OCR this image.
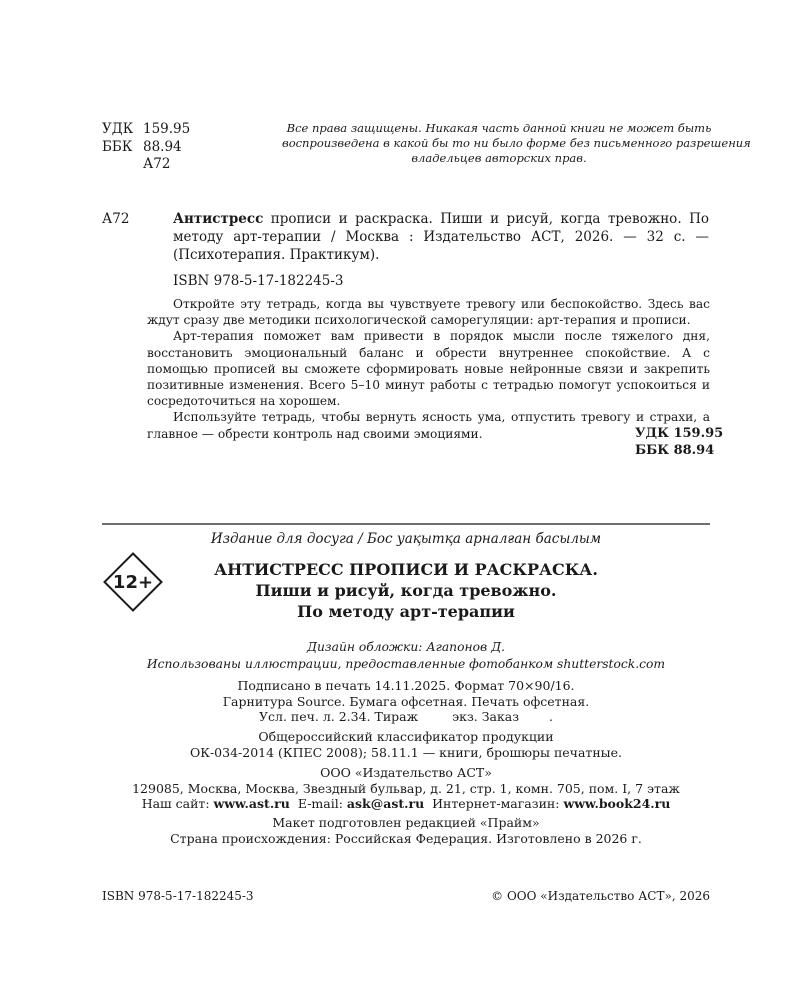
УДК 159.95
ББК 88.94
А72
Все права защищены. Никакая часть данной книги не может быть
воспроизведена в какой бы то ни было форме без письменного разрешения
владельцев авторских прав.
А72	Антистресс прописи и раскраска. Пиши и рисуй, когда тревожно. По методу арт-терапии / Москва : Издательство АСТ, 2026. — 32 с. — (Психотерапия. Практикум).
ISBN 978-5-17-182245-3

Откройте эту тетрадь, когда вы чувствуете тревогу или беспокойство. Здесь вас ждут сразу две методики психологической саморегуляции: арт-терапия и прописи.

Арт-терапия поможет вам привести в порядок мысли после тяжелого дня, восстановить эмоциональный баланс и обрести внутреннее спокойствие. А с помощью прописей вы сможете сформировать новые нейронные связи и закрепить позитивные изменения. Всего 5–10 минут работы с тетрадью помогут успокоиться и сосредоточиться на хорошем.

Используйте тетрадь, чтобы вернуть ясность ума, отпустить тревогу и страхи, а главное — обрести контроль над своими эмоциями.	УДК 159.95
ББК 88.94
Издание для досуга / Бос уақытқа арналған басылым
12+
АНТИСТРЕСС ПРОПИСИ И РАСКРАСКА.
Пиши и рисуй, когда тревожно.
По методу арт-терапии
Дизайн обложки: Агапонов Д.
Использованы иллюстрации, предоставленные фотобанком shutterstock.com
Подписано в печать 14.11.2025. Формат 70×90/16.
Гарнитура Source. Бумага офсетная. Печать офсетная.
Усл. печ. л. 2.34. Тираж	экз. Заказ .
Общероссийский классификатор продукции
ОК-034-2014 (КПЕС 2008); 58.11.1 — книги, брошюры печатные.
ООО «Издательство АСТ»
129085, Москва, Москва, Звездный бульвар, д. 21, стр. 1, комн. 705, пом. I, 7 этаж
Наш сайт: www.ast.ru E-mail: ask@ast.ru Интернет-магазин: www.book24.ru
Макет подготовлен редакцией «Прайм»
Страна происхождения: Российская Федерация. Изготовлено в 2026 г.
ISBN 978-5-17-182245-3	© ООО «Издательство АСТ», 2026
